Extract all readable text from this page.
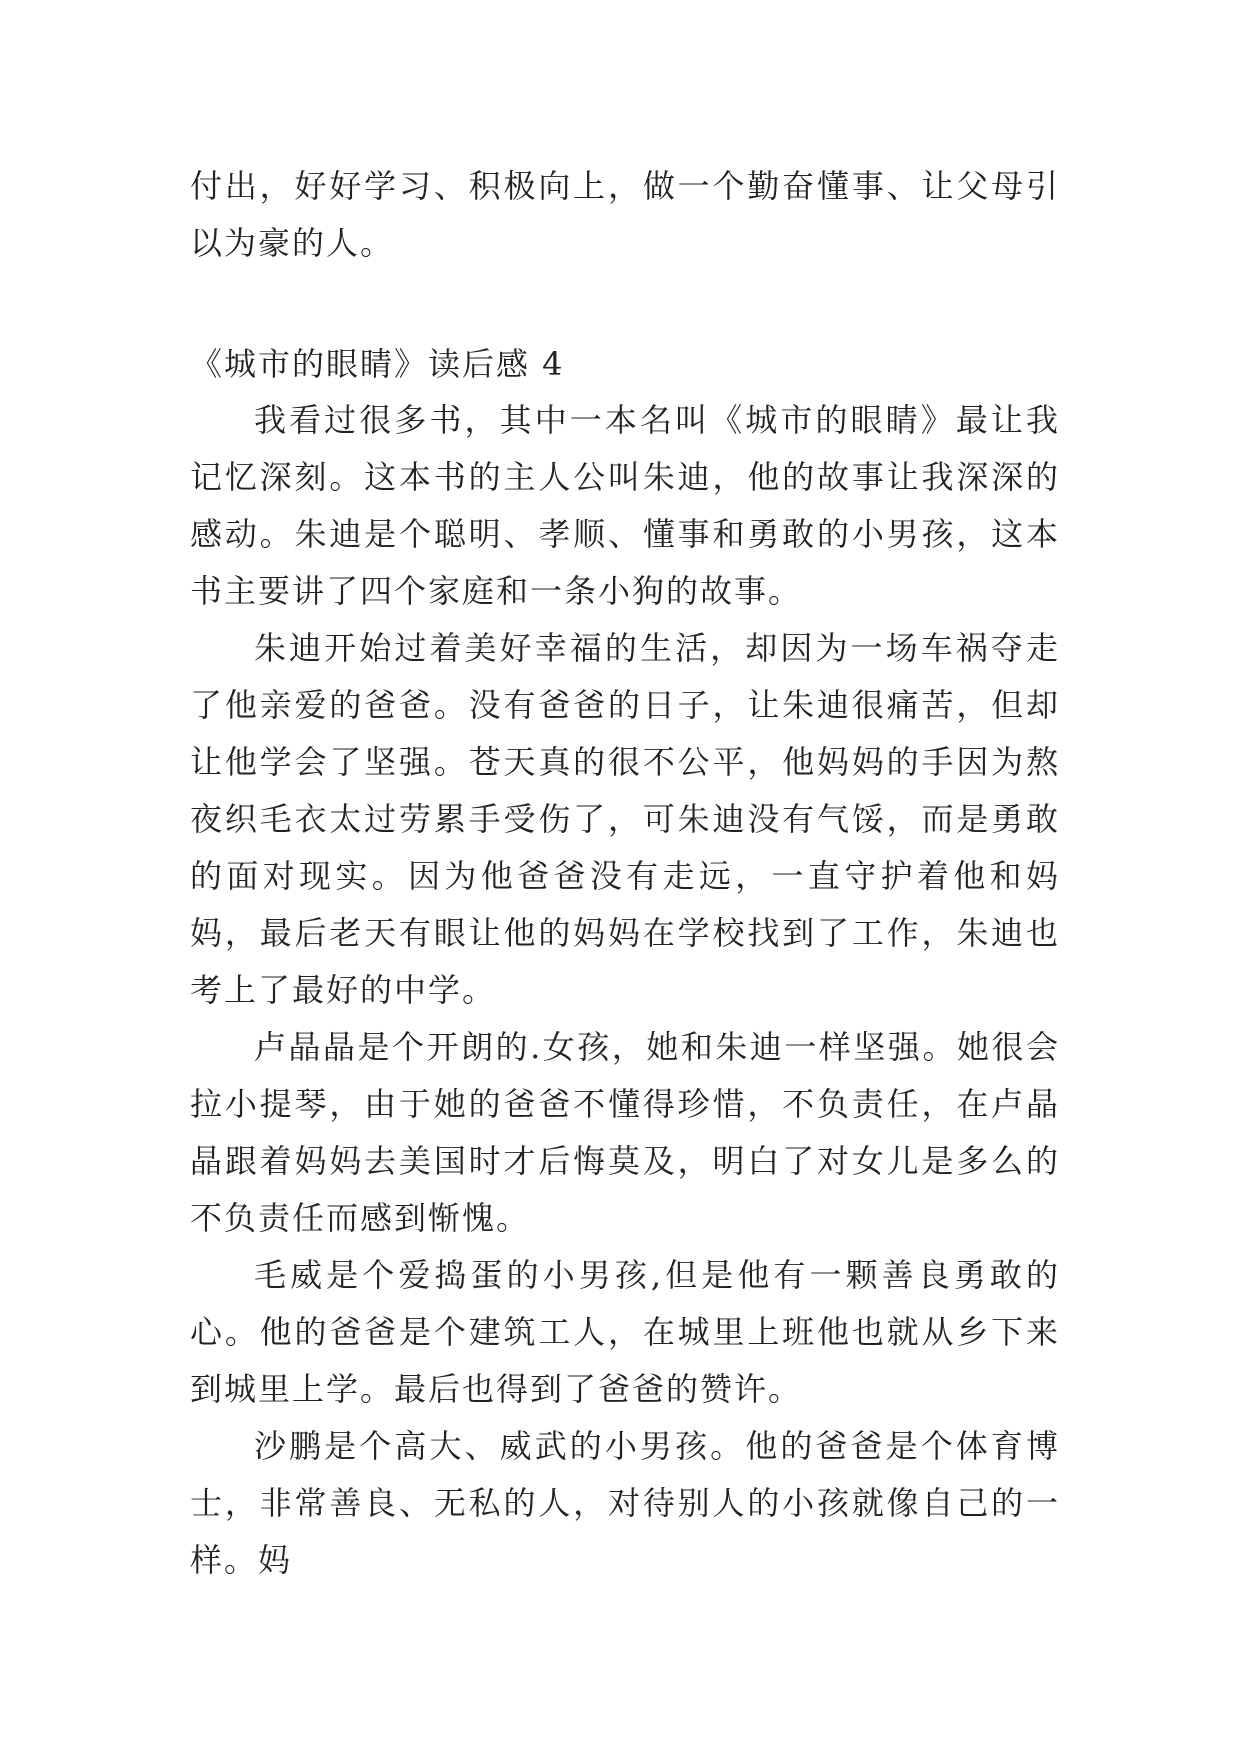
付出，好好学习、积极向上，做一个勤奋懂事、让父母引以为豪的人。

《城市的眼睛》读后感 4

我看过很多书，其中一本名叫《城市的眼睛》最让我记忆深刻。这本书的主人公叫朱迪，他的故事让我深深的感动。朱迪是个聪明、孝顺、懂事和勇敢的小男孩，这本书主要讲了四个家庭和一条小狗的故事。

朱迪开始过着美好幸福的生活，却因为一场车祸夺走了他亲爱的爸爸。没有爸爸的日子，让朱迪很痛苦，但却让他学会了坚强。苍天真的很不公平，他妈妈的手因为熬夜织毛衣太过劳累手受伤了，可朱迪没有气馁，而是勇敢的面对现实。因为他爸爸没有走远，一直守护着他和妈妈，最后老天有眼让他的妈妈在学校找到了工作，朱迪也考上了最好的中学。

卢晶晶是个开朗的.女孩，她和朱迪一样坚强。她很会拉小提琴，由于她的爸爸不懂得珍惜，不负责任，在卢晶晶跟着妈妈去美国时才后悔莫及，明白了对女儿是多么的不负责任而感到惭愧。

毛威是个爱捣蛋的小男孩,但是他有一颗善良勇敢的心。他的爸爸是个建筑工人，在城里上班他也就从乡下来到城里上学。最后也得到了爸爸的赞许。

沙鹏是个高大、威武的小男孩。他的爸爸是个体育博士，非常善良、无私的人，对待别人的小孩就像自己的一样。妈
